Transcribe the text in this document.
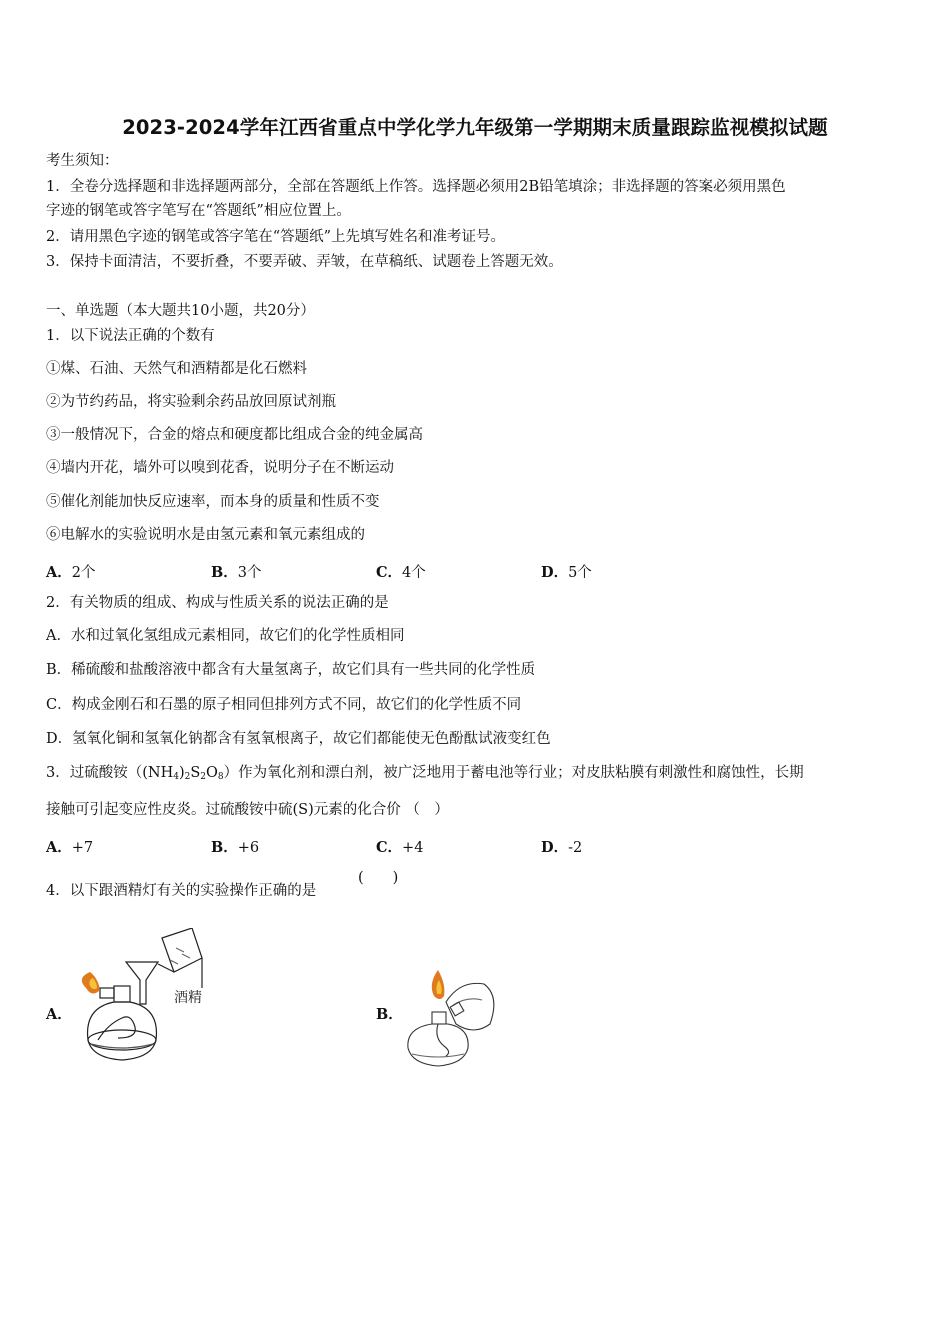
2023-2024学年江西省重点中学化学九年级第一学期期末质量跟踪监视模拟试题
考生须知：
1．全卷分选择题和非选择题两部分，全部在答题纸上作答。选择题必须用2B铅笔填涂；非选择题的答案必须用黑色
字迹的钢笔或答字笔写在“答题纸”相应位置上。
2．请用黑色字迹的钢笔或答字笔在“答题纸”上先填写姓名和准考证号。
3．保持卡面清洁，不要折叠，不要弄破、弄皱，在草稿纸、试题卷上答题无效。
一、单选题（本大题共10小题，共20分）
1．以下说法正确的个数有
①煤、石油、天然气和酒精都是化石燃料
②为节约药品，将实验剩余药品放回原试剂瓶
③一般情况下，合金的熔点和硬度都比组成合金的纯金属高
④墙内开花，墙外可以嗅到花香，说明分子在不断运动
⑤催化剂能加快反应速率，而本身的质量和性质不变
⑥电解水的实验说明水是由氢元素和氧元素组成的
A．2个	B．3个	C．4个	D．5个
2．有关物质的组成、构成与性质关系的说法正确的是
A．水和过氧化氢组成元素相同，故它们的化学性质相同
B．稀硫酸和盐酸溶液中都含有大量氢离子，故它们具有一些共同的化学性质
C．构成金刚石和石墨的原子相同但排列方式不同，故它们的化学性质不同
D．氢氧化铜和氢氧化钠都含有氢氧根离子，故它们都能使无色酚酞试液变红色
3．过硫酸铵$((NH_4)_2S_2O_8)$作为氧化剂和漂白剂，被广泛地用于蓄电池等行业；对皮肤粘膜有刺激性和腐蚀性，长期
接触可引起变应性皮炎。过硫酸铵中硫(S)元素的化合价 （　）
A．+7	B．+6	C．+4	D．-2
4．以下跟酒精灯有关的实验操作正确的是
(　　)
A．
酒精
B．
